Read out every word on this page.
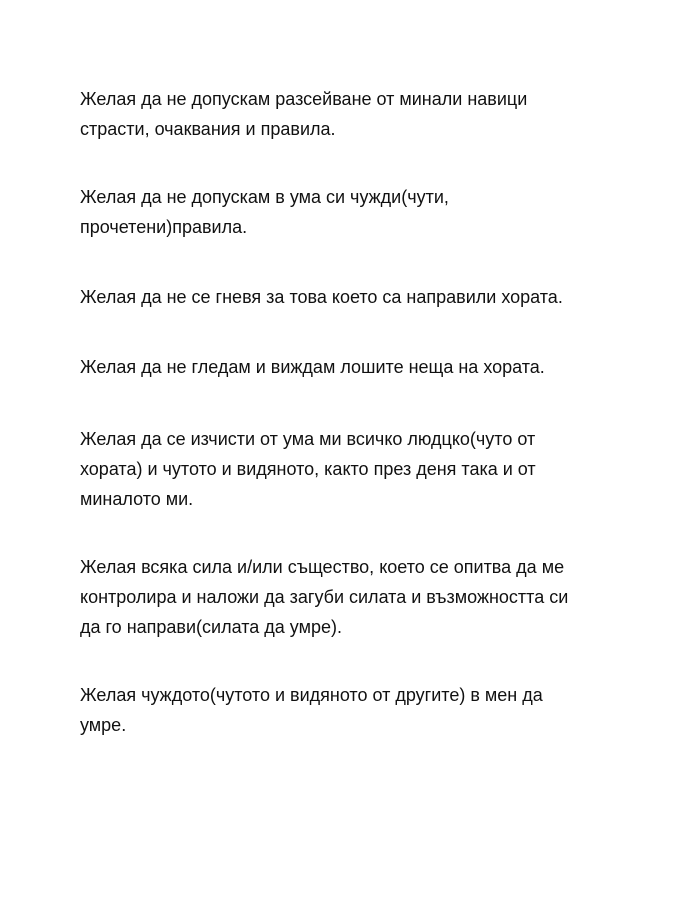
Желая да не допускам разсейване от минали навици
страсти, очаквания и правила.

Желая да не допускам в ума си чужди(чути,
прочетени)правила.

Желая да не се гневя за това което са направили хората.

Желая да не гледам и виждам лошите неща на хората.

Желая да се изчисти от ума ми всичко людцко(чуто от
хората) и чутото и видяното, както през деня така и от
миналото ми.

Желая всяка сила и/или същество, което се опитва да ме
контролира и наложи да загуби силата и възможността си
да го направи(силата да умре).

Желая чуждото(чутото и видяното от другите) в мен да
умре.
